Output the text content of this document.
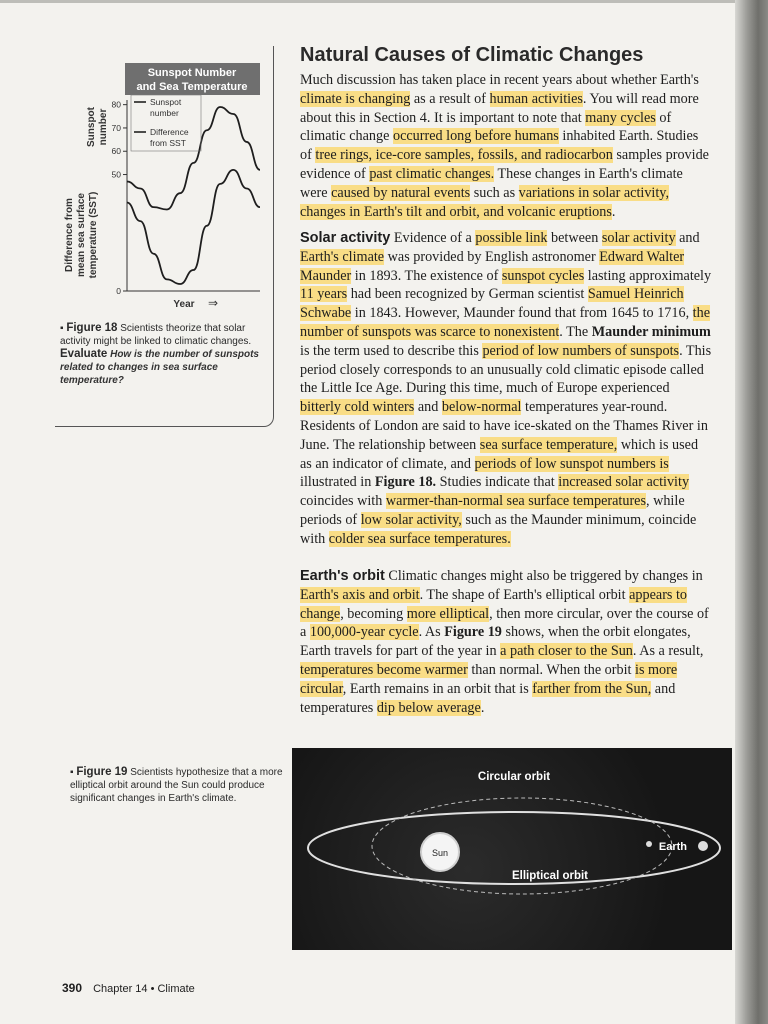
Sunspot Number
and Sea Temperature
Sunspot number
Difference from mean sea surface temperature (SST)
80
70
60
50
0
Sunspot
number
Difference
from SST
Year ⇒
▪ Figure 18 Scientists theorize that solar activity might be linked to climatic changes.
Evaluate How is the number of sunspots related to changes in sea surface temperature?
Natural Causes of Climatic Changes

Much discussion has taken place in recent years about whether Earth's climate is changing as a result of human activities. You will read more about this in Section 4. It is important to note that many cycles of climatic change occurred long before humans inhabited Earth. Studies of tree rings, ice-core samples, fossils, and radiocarbon samples provide evidence of past climatic changes. These changes in Earth's climate were caused by natural events such as variations in solar activity, changes in Earth's tilt and orbit, and volcanic eruptions.

Solar activity Evidence of a possible link between solar activity and Earth's climate was provided by English astronomer Edward Walter Maunder in 1893. The existence of sunspot cycles lasting approximately 11 years had been recognized by German scientist Samuel Heinrich Schwabe in 1843. However, Maunder found that from 1645 to 1716, the number of sunspots was scarce to nonexistent. The Maunder minimum is the term used to describe this period of low numbers of sunspots. This period closely corresponds to an unusually cold climatic episode called the Little Ice Age. During this time, much of Europe experienced bitterly cold winters and below-normal temperatures year-round. Residents of London are said to have ice-skated on the Thames River in June. The relationship between sea surface temperature, which is used as an indicator of climate, and periods of low sunspot numbers is illustrated in Figure 18. Studies indicate that increased solar activity coincides with warmer-than-normal sea surface temperatures, while periods of low solar activity, such as the Maunder minimum, coincide with colder sea surface temperatures.

Earth's orbit Climatic changes might also be triggered by changes in Earth's axis and orbit. The shape of Earth's elliptical orbit appears to change, becoming more elliptical, then more circular, over the course of a 100,000-year cycle. As Figure 19 shows, when the orbit elongates, Earth travels for part of the year in a path closer to the Sun. As a result, temperatures become warmer than normal. When the orbit is more circular, Earth remains in an orbit that is farther from the Sun, and temperatures dip below average.

▪ Figure 19 Scientists hypothesize that a more elliptical orbit around the Sun could produce significant changes in Earth's climate.
Sun	Earth
Circular orbit
Elliptical orbit
390 Chapter 14 • Climate
